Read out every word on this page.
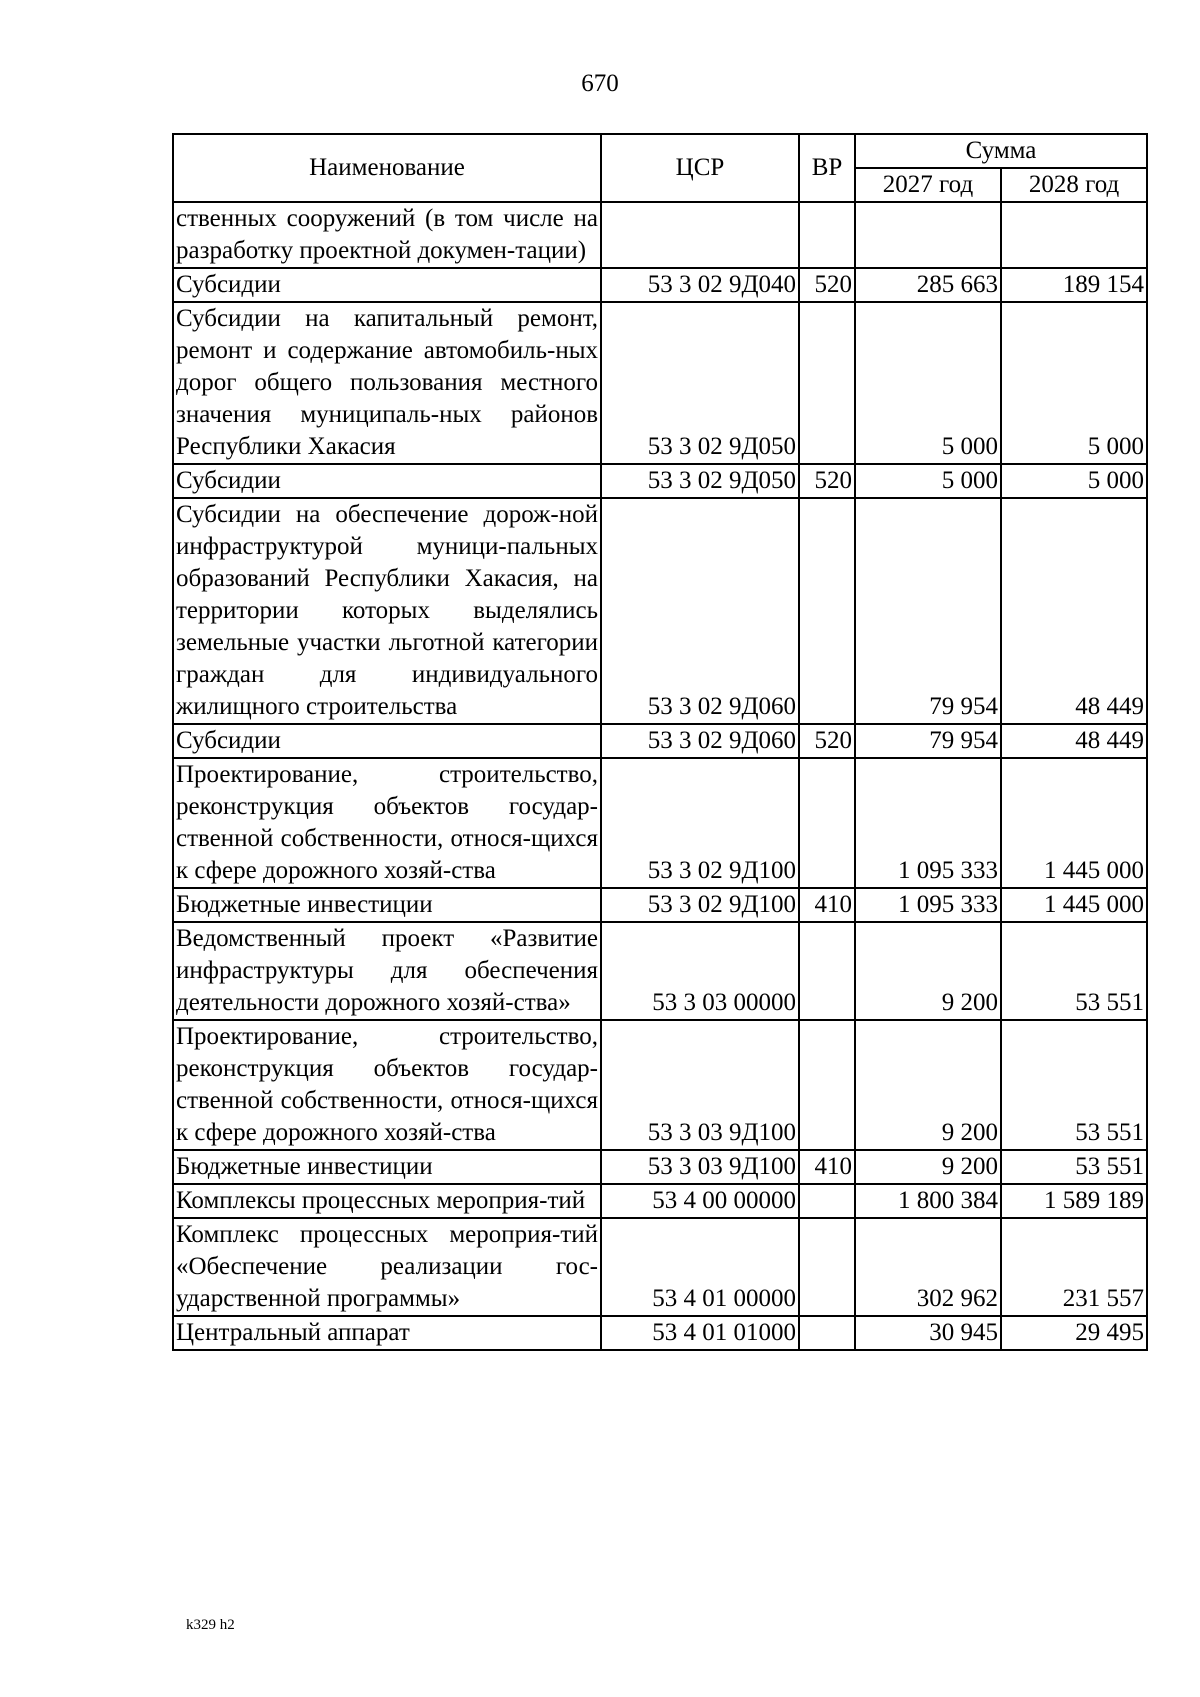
670
Наименование	ЦСР	ВР	Сумма	
			2027 год	2028 год
ственных сооружений (в том числе на разработку проектной докумен-тации)				
Субсидии	53 3 02 9Д040	520	285 663	189 154
Субсидии на капитальный ремонт, ремонт и содержание автомобиль-ных дорог общего пользования местного значения муниципаль-ных районов Республики Хакасия	53 3 02 9Д050		5 000	5 000
Субсидии	53 3 02 9Д050	520	5 000	5 000
Субсидии на обеспечение дорож-ной инфраструктурой муници-пальных образований Республики Хакасия, на территории которых выделялись земельные участки льготной категории граждан для индивидуального жилищного строительства	53 3 02 9Д060		79 954	48 449
Субсидии	53 3 02 9Д060	520	79 954	48 449
Проектирование, строительство, реконструкция объектов государ-ственной собственности, относя-щихся к сфере дорожного хозяй-ства	53 3 02 9Д100		1 095 333	1 445 000
Бюджетные инвестиции	53 3 02 9Д100	410	1 095 333	1 445 000
Ведомственный проект «Развитие инфраструктуры для обеспечения деятельности дорожного хозяй-ства»	53 3 03 00000		9 200	53 551
Проектирование, строительство, реконструкция объектов государ-ственной собственности, относя-щихся к сфере дорожного хозяй-ства	53 3 03 9Д100		9 200	53 551
Бюджетные инвестиции	53 3 03 9Д100	410	9 200	53 551
Комплексы процессных мероприя-тий	53 4 00 00000		1 800 384	1 589 189
Комплекс процессных мероприя-тий «Обеспечение реализации гос-ударственной программы»	53 4 01 00000		302 962	231 557
Центральный аппарат	53 4 01 01000		30 945	29 495
k329 h2
